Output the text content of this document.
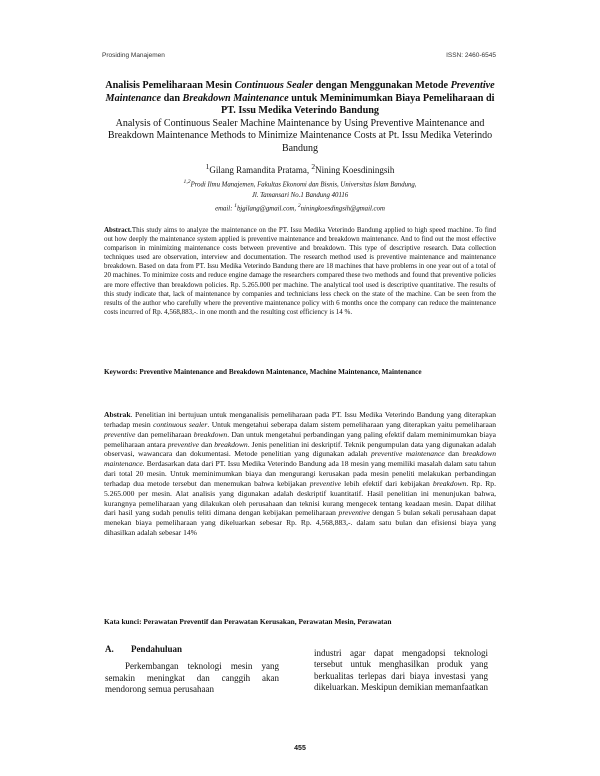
Prosiding Manajemen	ISSN: 2460-6545

Analisis Pemeliharaan Mesin Continuous Sealer dengan Menggunakan Metode Preventive Maintenance dan Breakdown Maintenance untuk Meminimumkan Biaya Pemeliharaan di PT. Issu Medika Veterindo Bandung

Analysis of Continuous Sealer Machine Maintenance by Using Preventive Maintenance and Breakdown Maintenance Methods to Minimize Maintenance Costs at Pt. Issu Medika Veterindo Bandung

$^1$Gilang Ramandita Pratama, $^2$Nining Koesdiningsih
$^{1,2}$Prodi Ilmu Manajemen, Fakultas Ekonomi dan Bisnis, Universitas Islam Bandung,
Jl. Tamansari No.1 Bandung 40116
email: $^1$bjgilang@gmail.com, $^2$niningkoesdingsih@gmail.com

Abstract.This study aims to analyze the maintenance on the PT. Issu Medika Veterindo Bandung applied to high speed machine. To find out how deeply the maintenance system applied is preventive maintenance and breakdown maintenance. And to find out the most effective comparison in minimizing maintenance costs between preventive and breakdown. This type of descriptive research. Data collection techniques used are observation, interview and documentation. The research method used is preventive maintenance and maintenance breakdown. Based on data from PT. Issu Medika Veterindo Bandung there are 18 machines that have problems in one year out of a total of 20 machines. To minimize costs and reduce engine damage the researchers compared these two methods and found that preventive policies are more effective than breakdown policies. Rp. 5.265.000 per machine. The analytical tool used is descriptive quantitative. The results of this study indicate that, lack of maintenance by companies and technicians less check on the state of the machine. Can be seen from the results of the author who carefully where the preventive maintenance policy with 6 months once the company can reduce the maintenance costs incurred of Rp. 4,568,883,-. in one month and the resulting cost efficiency is 14 %.

Keywords: Preventive Maintenance and Breakdown Maintenance, Machine Maintenance, Maintenance

Abstrak. Penelitian ini bertujuan untuk menganalisis pemeliharaan pada PT. Issu Medika Veterindo Bandung yang diterapkan terhadap mesin continuous sealer. Untuk mengetahui seberapa dalam sistem pemeliharaan yang diterapkan yaitu pemeliharaan preventive dan pemeliharaan breakdown. Dan untuk mengetahui perbandingan yang paling efektif dalam meminimumkan biaya pemeliharaan antara preventive dan breakdown. Jenis penelitian ini deskriptif. Teknik pengumpulan data yang digunakan adalah observasi, wawancara dan dokumentasi. Metode penelitian yang digunakan adalah preventive maintenance dan breakdown maintenance. Berdasarkan data dari PT. Issu Medika Veterindo Bandung ada 18 mesin yang memiliki masalah dalam satu tahun dari total 20 mesin. Untuk meminimumkan biaya dan mengurangi kerusakan pada mesin peneliti melakukan perbandingan terhadap dua metode tersebut dan menemukan bahwa kebijakan preventive lebih efektif dari kebijakan breakdown. Rp. Rp. 5.265.000 per mesin. Alat analisis yang digunakan adalah deskriptif kuantitatif. Hasil penelitian ini menunjukan bahwa, kurangnya pemeliharaan yang dilakukan oleh perusahaan dan teknisi kurang mengecek tentang keadaan mesin. Dapat dilihat dari hasil yang sudah penulis teliti dimana dengan kebijakan pemeliharaan preventive dengan 5 bulan sekali perusahaan dapat menekan biaya pemeliharaan yang dikeluarkan sebesar Rp. Rp. 4,568,883,-. dalam satu bulan dan efisiensi biaya yang dihasilkan adalah sebesar 14%

Kata kunci: Perawatan Preventif dan Perawatan Kerusakan, Perawatan Mesin, Perawatan

A.	Pendahuluan

Perkembangan teknologi mesin yang semakin meningkat dan canggih akan mendorong semua perusahaan

industri agar dapat mengadopsi teknologi tersebut untuk menghasilkan produk yang berkualitas terlepas dari biaya investasi yang dikeluarkan. Meskipun demikian memanfaatkan

455
